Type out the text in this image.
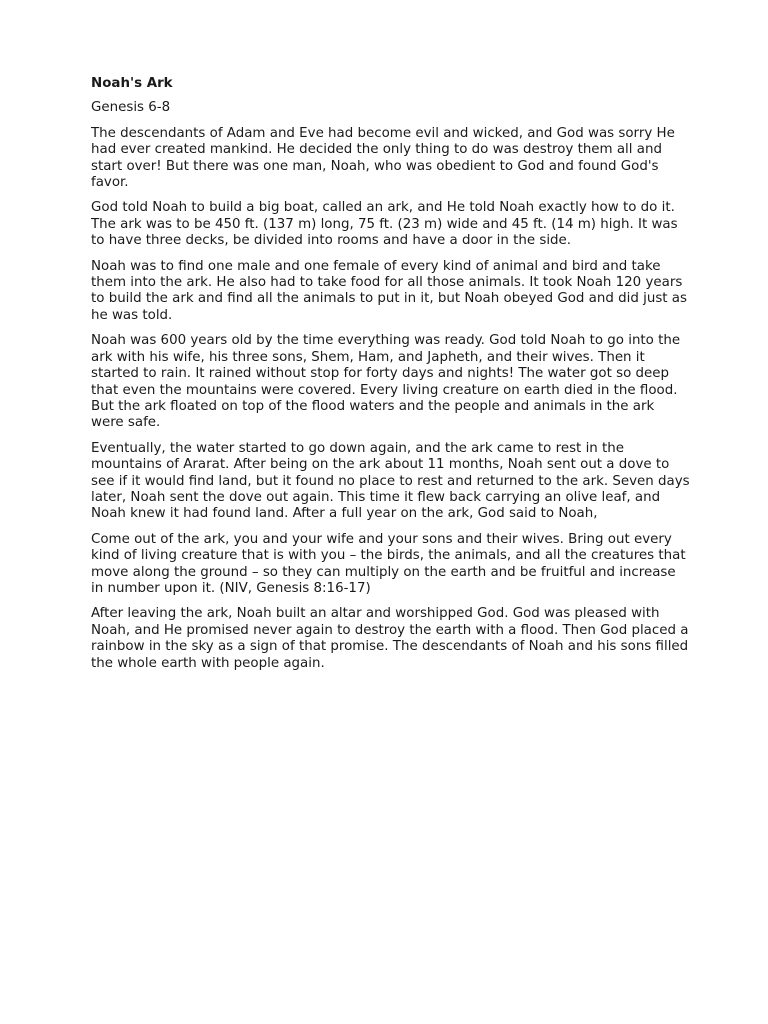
Noah's Ark
Genesis 6-8

The descendants of Adam and Eve had become evil and wicked, and God was sorry He had ever created mankind. He decided the only thing to do was destroy them all and start over! But there was one man, Noah, who was obedient to God and found God's favor.

God told Noah to build a big boat, called an ark, and He told Noah exactly how to do it. The ark was to be 450 ft. (137 m) long, 75 ft. (23 m) wide and 45 ft. (14 m) high. It was to have three decks, be divided into rooms and have a door in the side.

Noah was to find one male and one female of every kind of animal and bird and take them into the ark. He also had to take food for all those animals. It took Noah 120 years to build the ark and find all the animals to put in it, but Noah obeyed God and did just as he was told.

Noah was 600 years old by the time everything was ready. God told Noah to go into the ark with his wife, his three sons, Shem, Ham, and Japheth, and their wives. Then it started to rain. It rained without stop for forty days and nights! The water got so deep that even the mountains were covered. Every living creature on earth died in the flood. But the ark floated on top of the flood waters and the people and animals in the ark were safe.

Eventually, the water started to go down again, and the ark came to rest in the mountains of Ararat. After being on the ark about 11 months, Noah sent out a dove to see if it would find land, but it found no place to rest and returned to the ark. Seven days later, Noah sent the dove out again. This time it flew back carrying an olive leaf, and Noah knew it had found land. After a full year on the ark, God said to Noah,

Come out of the ark, you and your wife and your sons and their wives. Bring out every kind of living creature that is with you – the birds, the animals, and all the creatures that move along the ground – so they can multiply on the earth and be fruitful and increase in number upon it. (NIV, Genesis 8:16-17)

After leaving the ark, Noah built an altar and worshipped God. God was pleased with Noah, and He promised never again to destroy the earth with a flood. Then God placed a rainbow in the sky as a sign of that promise. The descendants of Noah and his sons filled the whole earth with people again.
